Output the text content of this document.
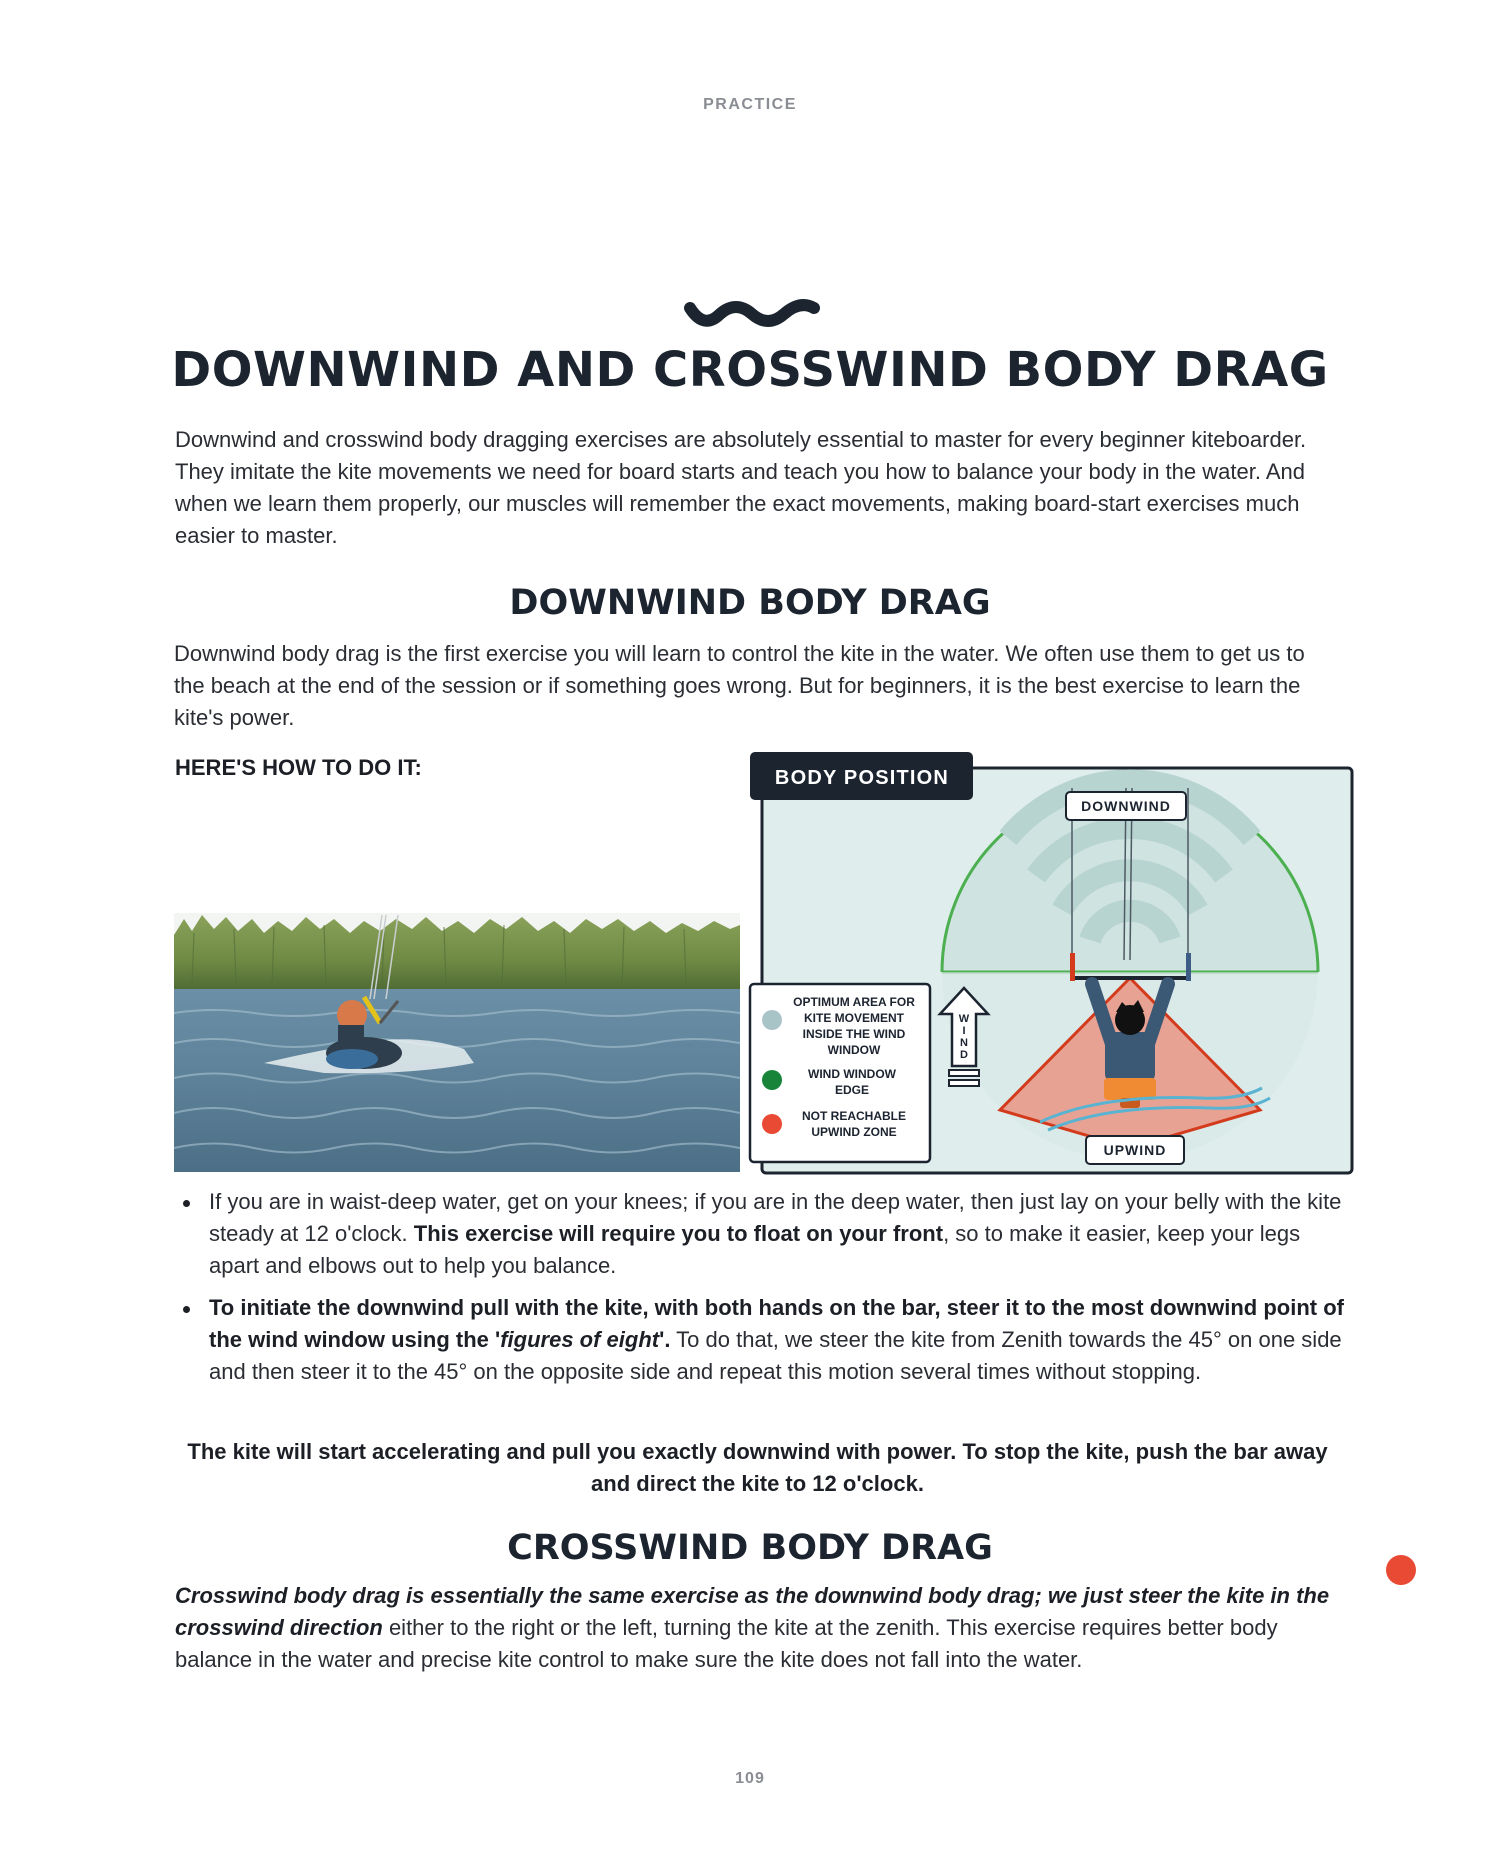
PRACTICE
DOWNWIND AND CROSSWIND BODY DRAG
Downwind and crosswind body dragging exercises are absolutely essential to master for every beginner kiteboarder. They imitate the kite movements we need for board starts and teach you how to balance your body in the water. And when we learn them properly, our muscles will remember the exact movements, making board-start exercises much easier to master.
DOWNWIND BODY DRAG
Downwind body drag is the first exercise you will learn to control the kite in the water. We often use them to get us to the beach at the end of the session or if something goes wrong. But for beginners, it is the best exercise to learn the kite's power.
HERE'S HOW TO DO IT:	BODY POSITION
DOWNWIND
UPWIND
W
I
N
D
OPTIMUM AREA FOR
KITE MOVEMENT
INSIDE THE WIND
WINDOW
WIND WINDOW
EDGE
NOT REACHABLE
UPWIND ZONE
If you are in waist-deep water, get on your knees; if you are in the deep water, then just lay on your belly with the kite steady at 12 o'clock. This exercise will require you to float on your front, so to make it easier, keep your legs apart and elbows out to help you balance.
To initiate the downwind pull with the kite, with both hands on the bar, steer it to the most downwind point of the wind window using the 'figures of eight'. To do that, we steer the kite from Zenith towards the 45° on one side and then steer it to the 45° on the opposite side and repeat this motion several times without stopping.
The kite will start accelerating and pull you exactly downwind with power. To stop the kite, push the bar away and direct the kite to 12 o'clock.
CROSSWIND BODY DRAG
Crosswind body drag is essentially the same exercise as the downwind body drag; we just steer the kite in the crosswind direction either to the right or the left, turning the kite at the zenith. This exercise requires better body balance in the water and precise kite control to make sure the kite does not fall into the water.
109
